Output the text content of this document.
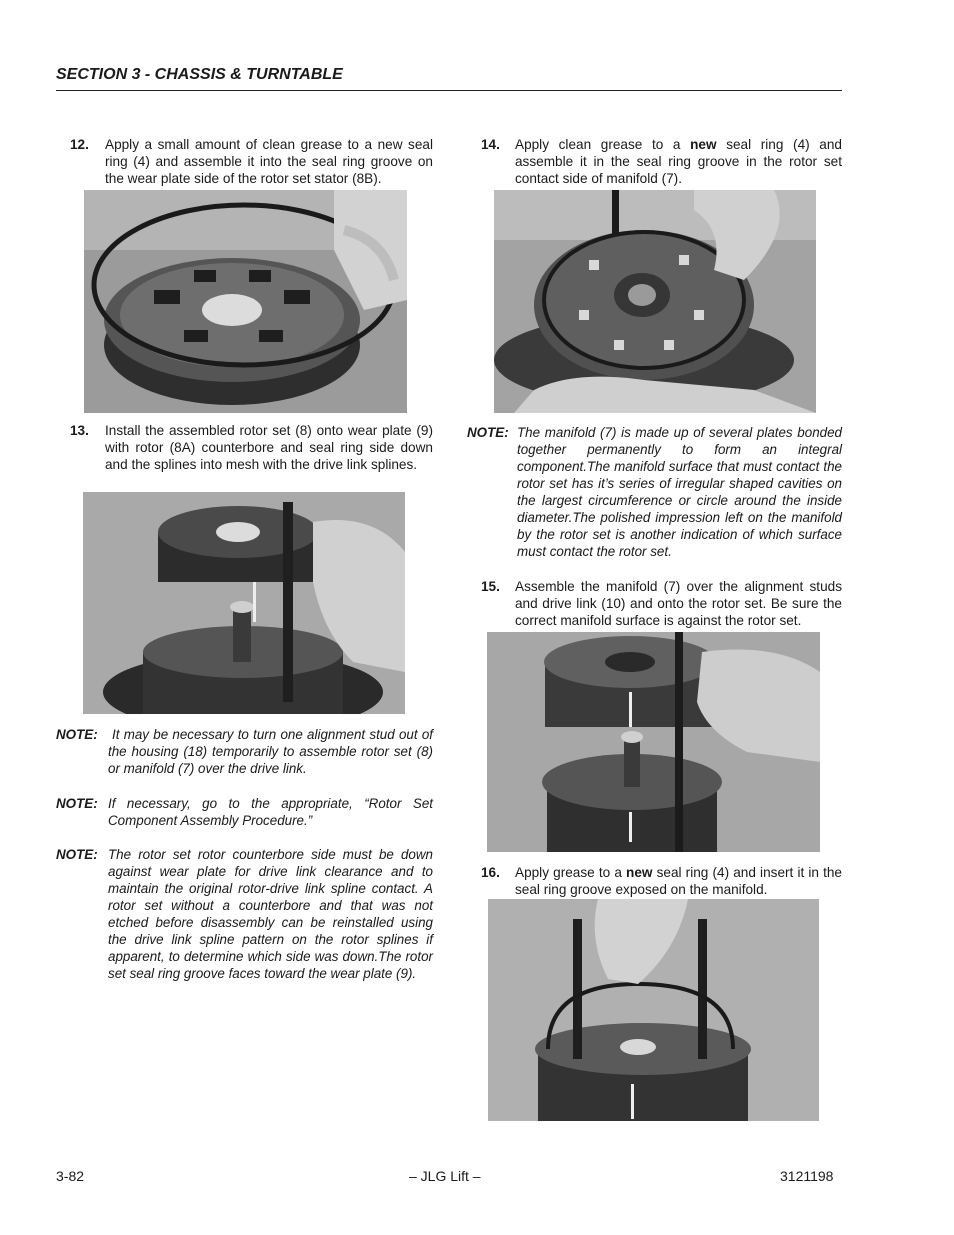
SECTION 3 - CHASSIS & TURNTABLE
12. Apply a small amount of clean grease to a new seal ring (4) and assemble it into the seal ring groove on the wear plate side of the rotor set stator (8B).
13. Install the assembled rotor set (8) onto wear plate (9) with rotor (8A) counterbore and seal ring side down and the splines into mesh with the drive link splines.
NOTE: It may be necessary to turn one alignment stud out of the housing (18) temporarily to assemble rotor set (8) or manifold (7) over the drive link.
NOTE: If necessary, go to the appropriate, “Rotor Set Component Assembly Procedure.”
NOTE: The rotor set rotor counterbore side must be down against wear plate for drive link clearance and to maintain the original rotor-drive link spline contact. A rotor set without a counterbore and that was not etched before disassembly can be reinstalled using the drive link spline pattern on the rotor splines if apparent, to determine which side was down.The rotor set seal ring groove faces toward the wear plate (9).
14. Apply clean grease to a new seal ring (4) and assemble it in the seal ring groove in the rotor set contact side of manifold (7).
NOTE: The manifold (7) is made up of several plates bonded together permanently to form an integral component.The manifold surface that must contact the rotor set has it’s series of irregular shaped cavities on the largest circumference or circle around the inside diameter.The polished impression left on the manifold by the rotor set is another indication of which surface must contact the rotor set.
15. Assemble the manifold (7) over the alignment studs and drive link (10) and onto the rotor set. Be sure the correct manifold surface is against the rotor set.
16. Apply grease to a new seal ring (4) and insert it in the seal ring groove exposed on the manifold.
3-82	– JLG Lift –	3121198
